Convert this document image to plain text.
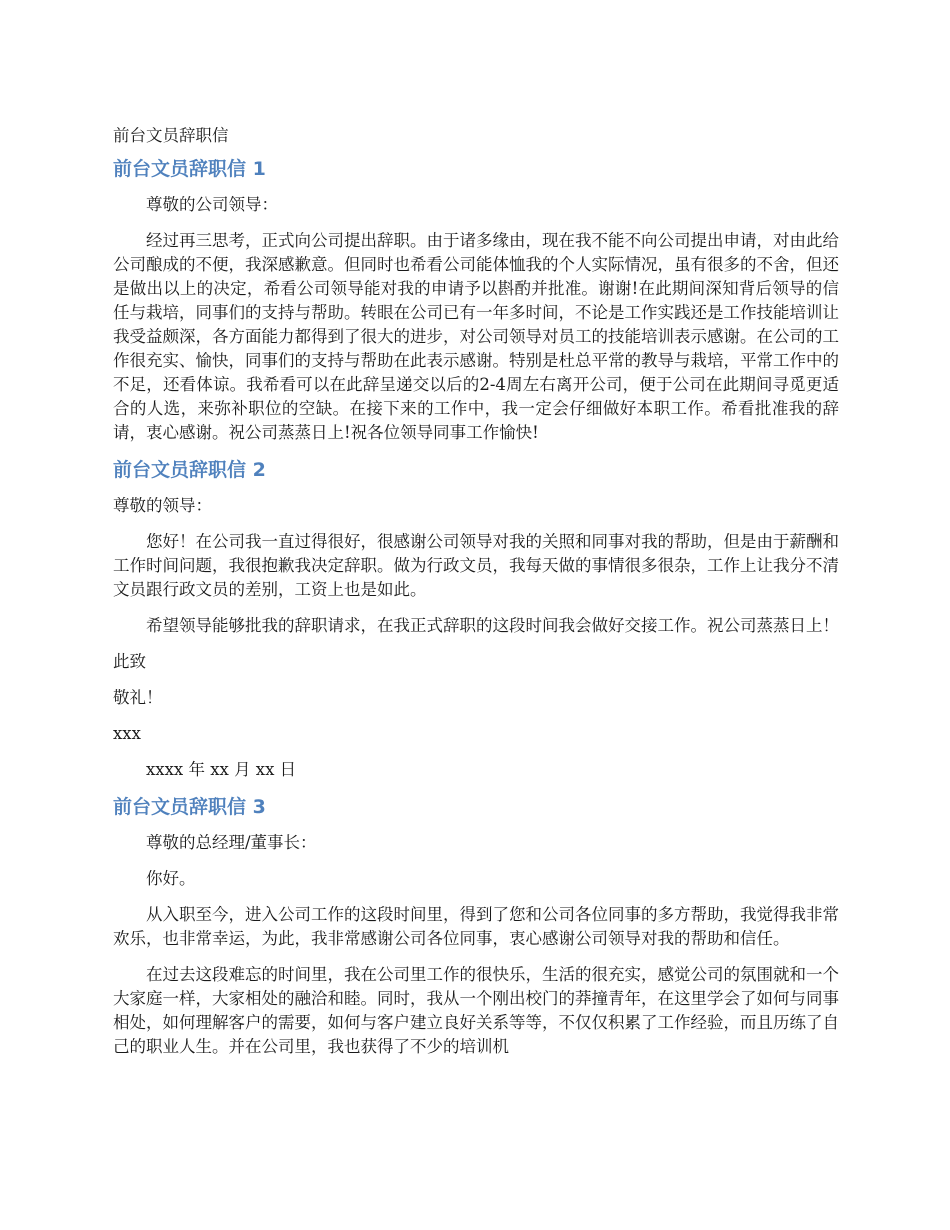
前台文员辞职信

前台文员辞职信 1

尊敬的公司领导：

经过再三思考，正式向公司提出辞职。由于诸多缘由，现在我不能不向公司提出申请，对由此给公司酿成的不便，我深感歉意。但同时也希看公司能体恤我的个人实际情况，虽有很多的不舍，但还是做出以上的决定，希看公司领导能对我的申请予以斟酌并批准。谢谢!在此期间深知背后领导的信任与栽培，同事们的支持与帮助。转眼在公司已有一年多时间，不论是工作实践还是工作技能培训让我受益颇深，各方面能力都得到了很大的进步，对公司领导对员工的技能培训表示感谢。在公司的工作很充实、愉快，同事们的支持与帮助在此表示感谢。特别是杜总平常的教导与栽培，平常工作中的不足，还看体谅。我希看可以在此辞呈递交以后的2-4周左右离开公司，便于公司在此期间寻觅更适合的人选，来弥补职位的空缺。在接下来的工作中，我一定会仔细做好本职工作。希看批准我的辞请，衷心感谢。祝公司蒸蒸日上!祝各位领导同事工作愉快!

前台文员辞职信 2

尊敬的领导：

您好！在公司我一直过得很好，很感谢公司领导对我的关照和同事对我的帮助，但是由于薪酬和工作时间问题，我很抱歉我决定辞职。做为行政文员，我每天做的事情很多很杂，工作上让我分不清文员跟行政文员的差别，工资上也是如此。

希望领导能够批我的辞职请求，在我正式辞职的这段时间我会做好交接工作。祝公司蒸蒸日上！

此致

敬礼！

xxx

xxxx 年 xx 月 xx 日

前台文员辞职信 3

尊敬的总经理/董事长：

你好。

从入职至今，进入公司工作的这段时间里，得到了您和公司各位同事的多方帮助，我觉得我非常欢乐，也非常幸运，为此，我非常感谢公司各位同事，衷心感谢公司领导对我的帮助和信任。

在过去这段难忘的时间里，我在公司里工作的很快乐，生活的很充实，感觉公司的氛围就和一个大家庭一样，大家相处的融洽和睦。同时，我从一个刚出校门的莽撞青年，在这里学会了如何与同事相处，如何理解客户的需要，如何与客户建立良好关系等等，不仅仅积累了工作经验，而且历练了自己的职业人生。并在公司里，我也获得了不少的培训机
